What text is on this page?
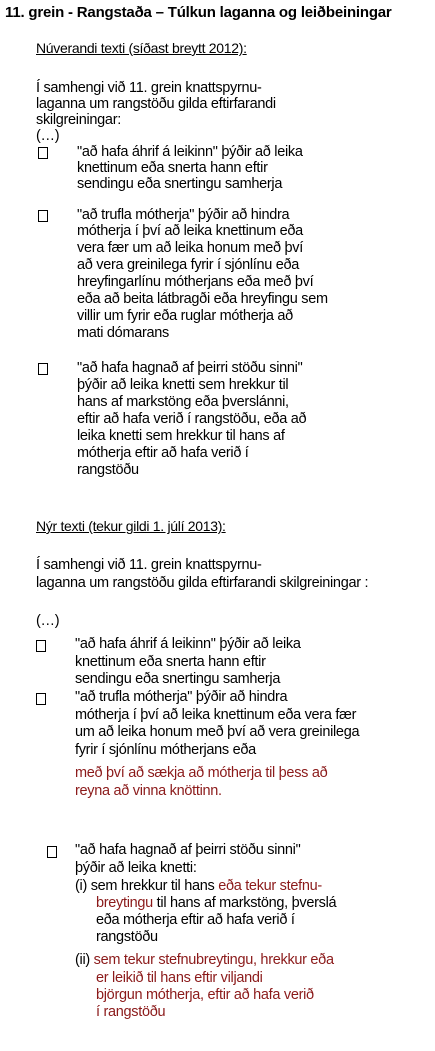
11. grein - Rangstaða – Túlkun laganna og leiðbeiningar
Núverandi texti (síðast breytt 2012):
Í samhengi við 11. grein knattspyrnu-
laganna um rangstöðu gilda eftirfarandi
skilgreiningar:
(…)
"að hafa áhrif á leikinn" þýðir að leika
knettinum eða snerta hann eftir
sendingu eða snertingu samherja
"að trufla mótherja" þýðir að hindra
mótherja í því að leika knettinum eða
vera fær um að leika honum með því
að vera greinilega fyrir í sjónlínu eða
hreyfingarlínu mótherjans eða með því
eða að beita látbragði eða hreyfingu sem
villir um fyrir eða ruglar mótherja að
mati dómarans
"að hafa hagnað af þeirri stöðu sinni"
þýðir að leika knetti sem hrekkur til
hans af markstöng eða þverslánni,
eftir að hafa verið í rangstöðu, eða að
leika knetti sem hrekkur til hans af
mótherja eftir að hafa verið í
rangstöðu
Nýr texti (tekur gildi 1. júlí 2013):
Í samhengi við 11. grein knattspyrnu-
laganna um rangstöðu gilda eftirfarandi skilgreiningar :
(…)
"að hafa áhrif á leikinn" þýðir að leika
knettinum eða snerta hann eftir
sendingu eða snertingu samherja
"að trufla mótherja" þýðir að hindra
mótherja í því að leika knettinum eða vera fær
um að leika honum með því að vera greinilega
fyrir í sjónlínu mótherjans eða
með því að sækja að mótherja til þess að
reyna að vinna knöttinn.
"að hafa hagnað af þeirri stöðu sinni"
þýðir að leika knetti:
(i) sem hrekkur til hans eða tekur stefnu-
breytingu til hans af markstöng, þverslá
eða mótherja eftir að hafa verið í
rangstöðu
(ii) sem tekur stefnubreytingu, hrekkur eða
er leikið til hans eftir viljandi
björgun mótherja, eftir að hafa verið
í rangstöðu
